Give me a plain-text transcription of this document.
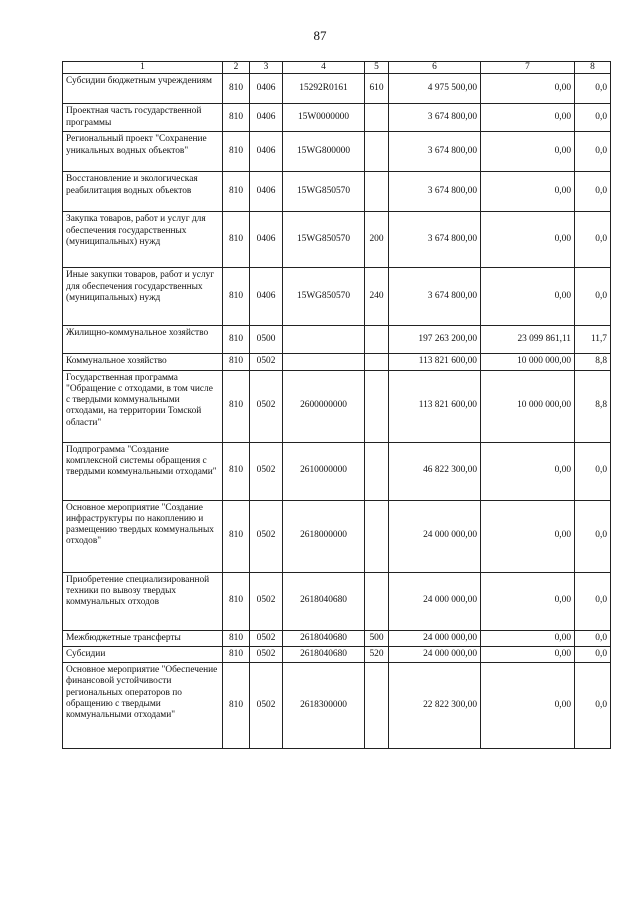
87
1	2	3	4	5	6	7	8
Субсидии бюджетным учреждениям	810	0406	15292R0161	610	4 975 500,00	0,00	0,0
Проектная часть государственной программы	810	0406	15W0000000		3 674 800,00	0,00	0,0
Региональный проект "Сохранение уникальных водных объектов"	810	0406	15WG800000		3 674 800,00	0,00	0,0
Восстановление и экологическая реабилитация водных объектов	810	0406	15WG850570		3 674 800,00	0,00	0,0
Закупка товаров, работ и услуг для обеспечения государственных (муниципальных) нужд	810	0406	15WG850570	200	3 674 800,00	0,00	0,0
Иные закупки товаров, работ и услуг для обеспечения государственных (муниципальных) нужд	810	0406	15WG850570	240	3 674 800,00	0,00	0,0
Жилищно-коммунальное хозяйство	810	0500			197 263 200,00	23 099 861,11	11,7
Коммунальное хозяйство	810	0502			113 821 600,00	10 000 000,00	8,8
Государственная программа "Обращение с отходами, в том числе с твердыми коммунальными отходами, на территории Томской области"	810	0502	2600000000		113 821 600,00	10 000 000,00	8,8
Подпрограмма "Создание комплексной системы обращения с твердыми коммунальными отходами"	810	0502	2610000000		46 822 300,00	0,00	0,0
Основное мероприятие "Создание инфраструктуры по накоплению и размещению твердых коммунальных отходов"	810	0502	2618000000		24 000 000,00	0,00	0,0
Приобретение специализированной техники по вывозу твердых коммунальных отходов	810	0502	2618040680		24 000 000,00	0,00	0,0
Межбюджетные трансферты	810	0502	2618040680	500	24 000 000,00	0,00	0,0
Субсидии	810	0502	2618040680	520	24 000 000,00	0,00	0,0
Основное мероприятие "Обеспечение финансовой устойчивости региональных операторов по обращению с твердыми коммунальными отходами"	810	0502	2618300000		22 822 300,00	0,00	0,0
